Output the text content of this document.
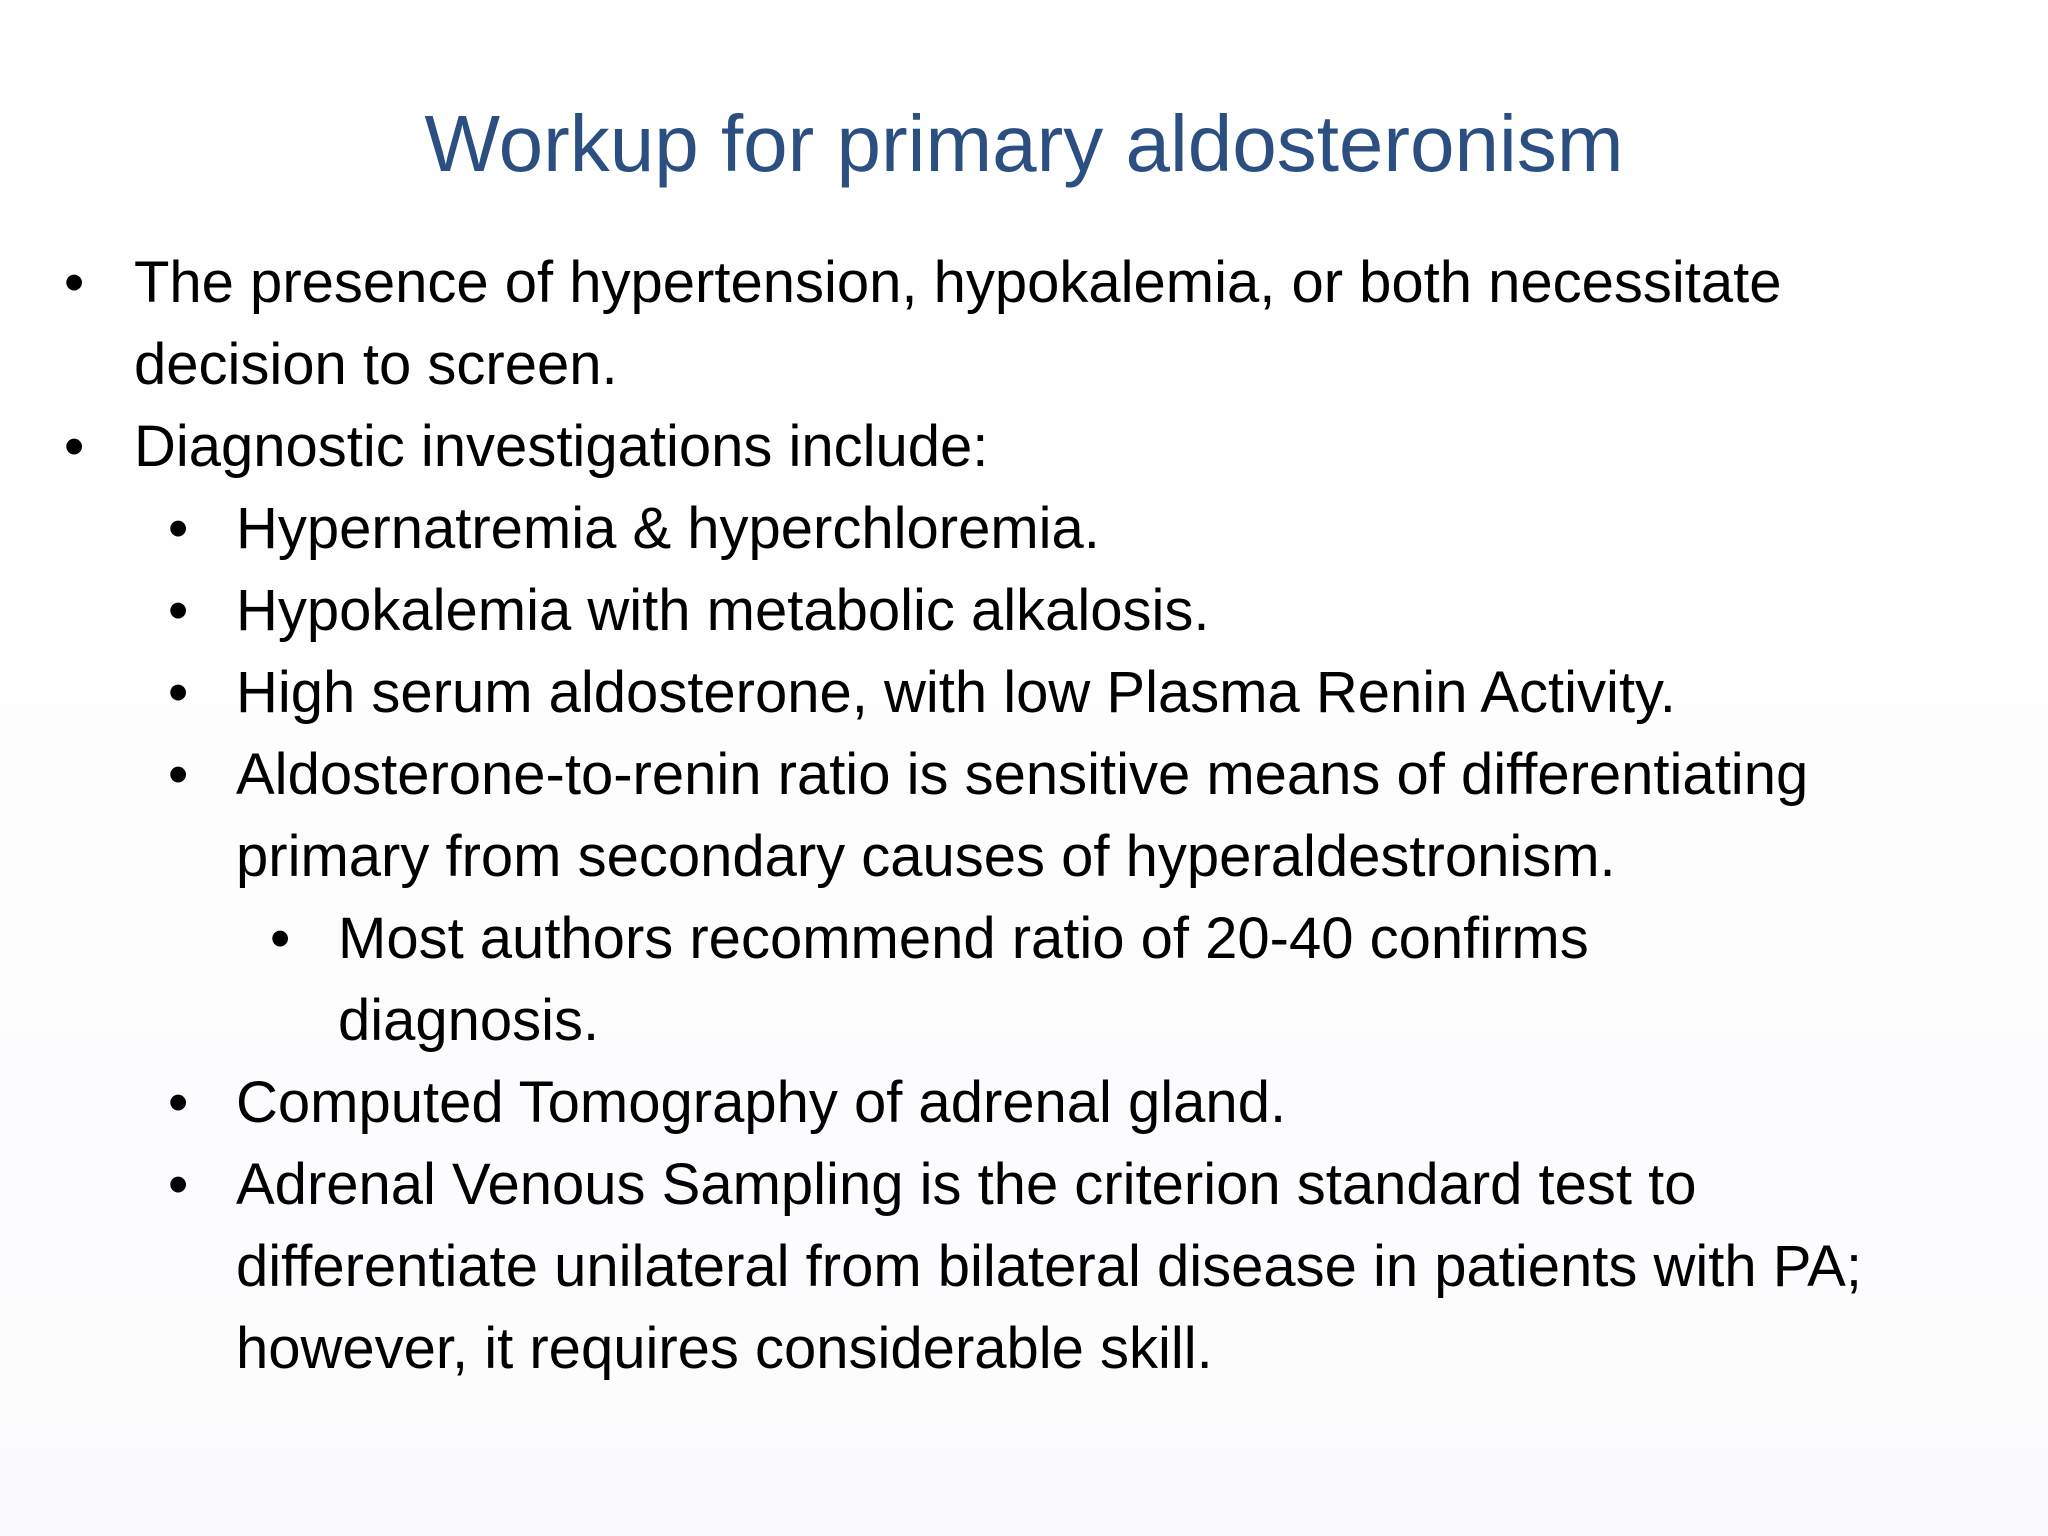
Workup for primary aldosteronism
• The presence of hypertension, hypokalemia, or both necessitate decision to screen.
• Diagnostic investigations include:
• Hypernatremia & hyperchloremia.
• Hypokalemia with metabolic alkalosis.
• High serum aldosterone, with low Plasma Renin Activity.
• Aldosterone-to-renin ratio is sensitive means of differentiating primary from secondary causes of hyperaldestronism.
• Most authors recommend ratio of 20-40 confirms diagnosis.
• Computed Tomography of adrenal gland.
• Adrenal Venous Sampling is the criterion standard test to differentiate unilateral from bilateral disease in patients with PA; however, it requires considerable skill.
